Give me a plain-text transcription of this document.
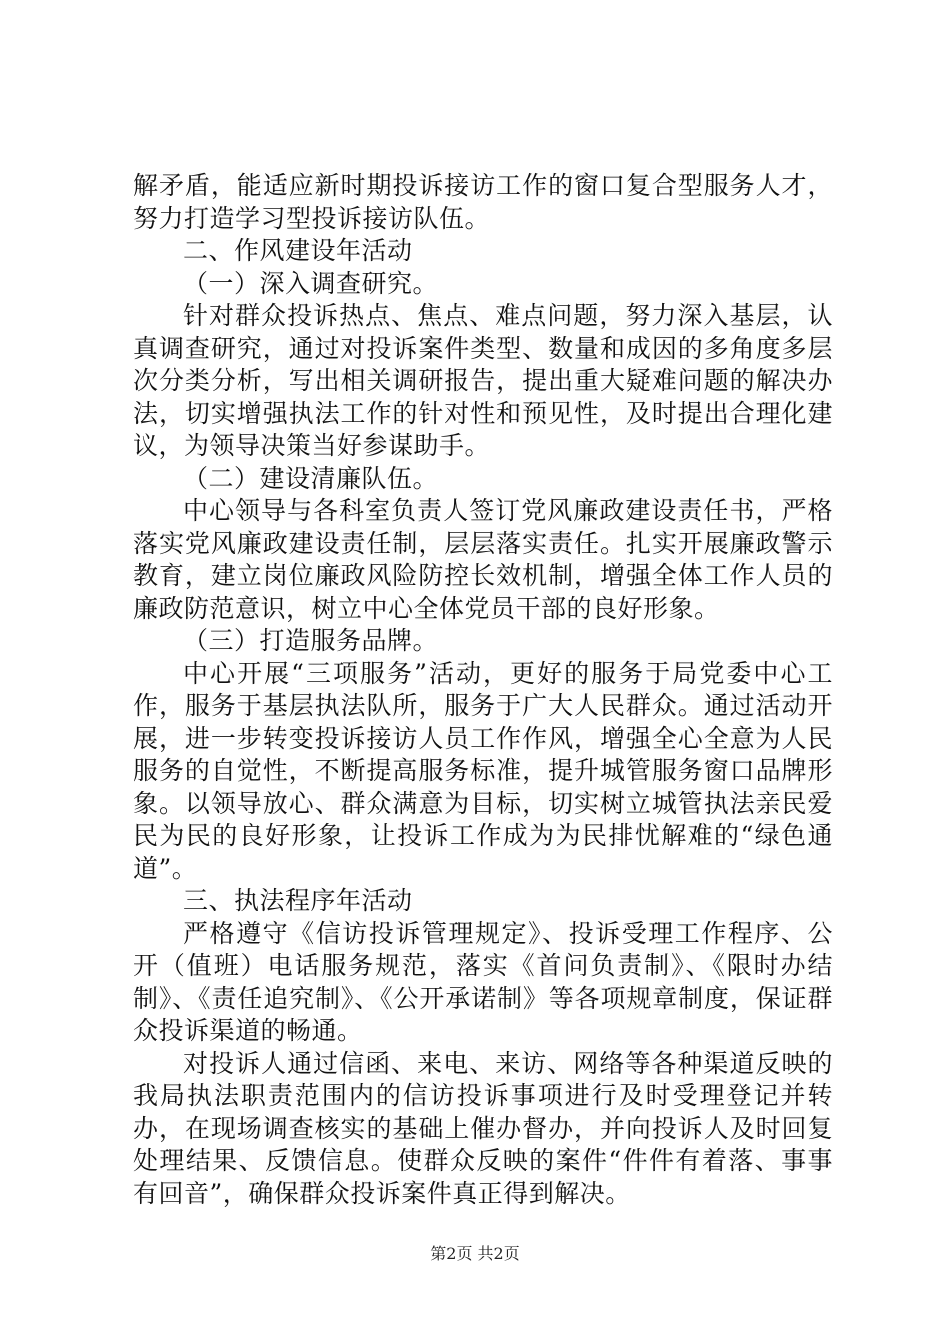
解矛盾，能适应新时期投诉接访工作的窗口复合型服务人才，努力打造学习型投诉接访队伍。

二、作风建设年活动

（一）深入调查研究。

针对群众投诉热点、焦点、难点问题，努力深入基层，认真调查研究，通过对投诉案件类型、数量和成因的多角度多层次分类分析，写出相关调研报告，提出重大疑难问题的解决办法，切实增强执法工作的针对性和预见性，及时提出合理化建议，为领导决策当好参谋助手。

（二）建设清廉队伍。

中心领导与各科室负责人签订党风廉政建设责任书，严格落实党风廉政建设责任制，层层落实责任。扎实开展廉政警示教育，建立岗位廉政风险防控长效机制，增强全体工作人员的廉政防范意识，树立中心全体党员干部的良好形象。

（三）打造服务品牌。

中心开展“三项服务”活动，更好的服务于局党委中心工作，服务于基层执法队所，服务于广大人民群众。通过活动开展，进一步转变投诉接访人员工作作风，增强全心全意为人民服务的自觉性，不断提高服务标准，提升城管服务窗口品牌形象。以领导放心、群众满意为目标，切实树立城管执法亲民爱民为民的良好形象，让投诉工作成为为民排忧解难的“绿色通道”。

三、执法程序年活动

严格遵守《信访投诉管理规定》、投诉受理工作程序、公开（值班）电话服务规范，落实《首问负责制》、《限时办结制》、《责任追究制》、《公开承诺制》等各项规章制度，保证群众投诉渠道的畅通。

对投诉人通过信函、来电、来访、网络等各种渠道反映的我局执法职责范围内的信访投诉事项进行及时受理登记并转办，在现场调查核实的基础上催办督办，并向投诉人及时回复处理结果、反馈信息。使群众反映的案件“件件有着落、事事有回音”，确保群众投诉案件真正得到解决。

第2页 共2页
